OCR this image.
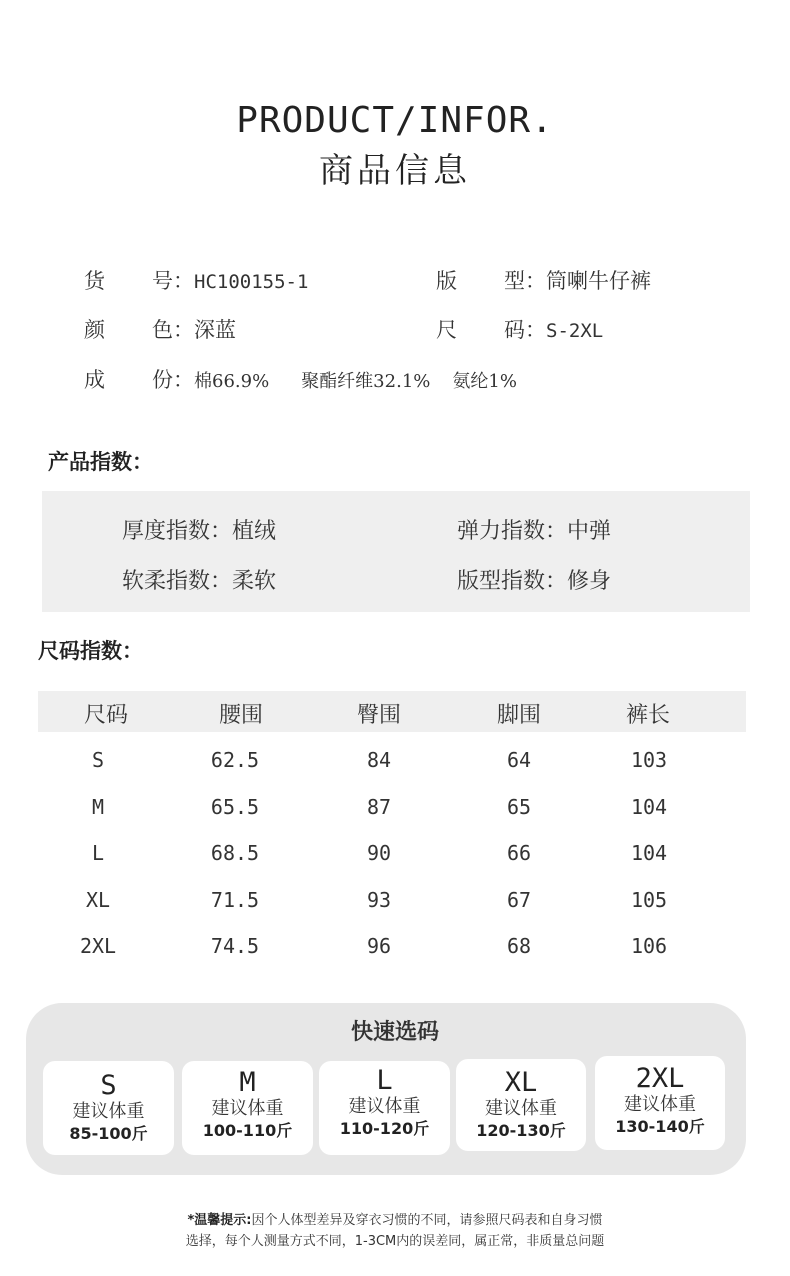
PRODUCT/INFOR.
商品信息
货 号：HC100155-1	版 型：筒喇牛仔裤
颜 色：深蓝	尺 码：S-2XL
成 份：棉66.9% 聚酯纤维32.1% 氨纶1%
产品指数：
厚度指数：植绒	弹力指数：中弹
软柔指数：柔软	版型指数：修身
尺码指数：
尺码	腰围	臀围	脚围	裤长
S	62.5	84	64	103
M	65.5	87	65	104
L	68.5	90	66	104
XL	71.5	93	67	105
2XL	74.5	96	68	106
快速选码
S
建议体重
85-100斤
M
建议体重
100-110斤
L
建议体重
110-120斤
XL
建议体重
120-130斤
2XL
建议体重
130-140斤
*温馨提示:因个人体型差异及穿衣习惯的不同，请参照尺码表和自身习惯
选择，每个人测量方式不同，1-3CM内的误差同，属正常，非质量总问题
